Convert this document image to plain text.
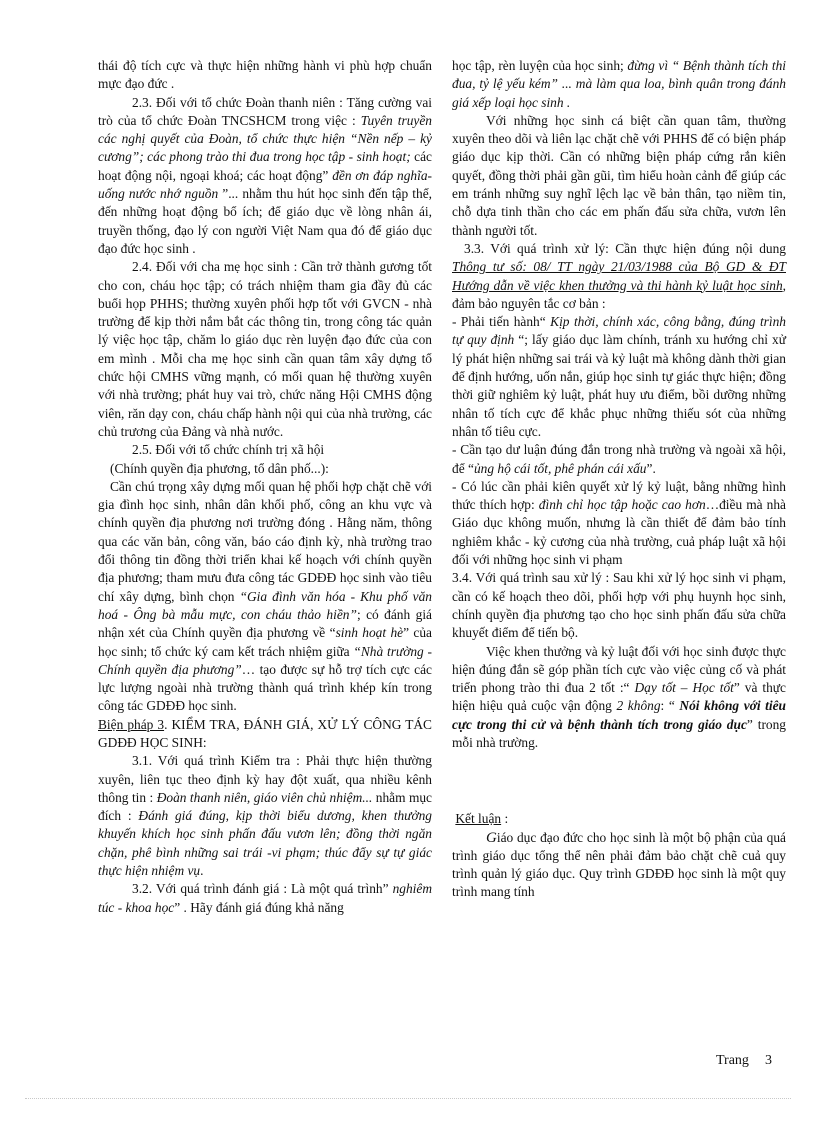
thái độ tích cực và thực hiện những hành vi phù hợp chuẩn mực đạo đức .

2.3. Đối với tổ chức Đoàn thanh niên : Tăng cường vai trò của tổ chức Đoàn TNCSHCM trong việc : Tuyên truyền các nghị quyết của Đoàn, tổ chức thực hiện “Nền nếp – kỷ cương”; các phong trào thi đua trong học tập - sinh hoạt; các hoạt động nội, ngoại khoá; các hoạt động” đền ơn đáp nghĩa- uống nước nhớ nguồn ”... nhằm thu hút học sinh đến tập thể, đến những hoạt động bổ ích; để giáo dục về lòng nhân ái, truyền thống, đạo lý con người Việt Nam qua đó để giáo dục đạo đức học sinh .

2.4. Đối với cha mẹ học sinh : Cần trở thành gương tốt cho con, cháu học tập; có trách nhiệm tham gia đầy đủ các buổi họp PHHS; thường xuyên phối hợp tốt với GVCN - nhà trường để kịp thời nắm bắt các thông tin, trong công tác quản lý việc học tập, chăm lo giáo dục rèn luyện đạo đức của con em mình . Mỗi cha mẹ học sinh cần quan tâm xây dựng tổ chức hội CMHS vững mạnh, có mối quan hệ thường xuyên với nhà trường; phát huy vai trò, chức năng Hội CMHS động viên, răn dạy con, cháu chấp hành nội qui của nhà trường, các chủ trương của Đảng và nhà nước.

2.5. Đối với tổ chức chính trị xã hội

(Chính quyền địa phương, tổ dân phố...):

Cần chú trọng xây dựng mối quan hệ phối hợp chặt chẽ với gia đình học sinh, nhân dân khối phố, công an khu vực và chính quyền địa phương nơi trường đóng . Hằng năm, thông qua các văn bản, công văn, báo cáo định kỳ, nhà trường trao đổi thông tin đồng thời triển khai kế hoạch với chính quyền địa phương; tham mưu đưa công tác GDĐĐ học sinh vào tiêu chí xây dựng, bình chọn “Gia đình văn hóa - Khu phố văn hoá - Ông bà mẫu mực, con cháu thảo hiền”; có đánh giá nhận xét của Chính quyền địa phương về “sinh hoạt hè” của học sinh; tổ chức ký cam kết trách nhiệm giữa “Nhà trường - Chính quyền địa phương”… tạo được sự hỗ trợ tích cực các lực lượng ngoài nhà trường thành quá trình khép kín trong công tác GDĐĐ học sinh.

Biện pháp 3. KIỂM TRA, ĐÁNH GIÁ, XỬ LÝ CÔNG TÁC GDĐĐ HỌC SINH:

3.1. Với quá trình Kiểm tra : Phải thực hiện thường xuyên, liên tục theo định kỳ hay đột xuất, qua nhiều kênh thông tin : Đoàn thanh niên, giáo viên chủ nhiệm... nhằm mục đích : Đánh giá đúng, kịp thời biểu dương, khen thưởng khuyến khích học sinh phấn đấu vươn lên; đồng thời ngăn chặn, phê bình những sai trái -vi phạm; thúc đẩy sự tự giác thực hiện nhiệm vụ.

3.2. Với quá trình đánh giá : Là một quá trình” nghiêm túc - khoa học” . Hãy đánh giá đúng khả năng

học tập, rèn luyện của học sinh; đừng vì “ Bệnh thành tích thi đua, tỷ lệ yếu kém” ... mà làm qua loa, bình quân trong đánh giá xếp loại học sinh .

Với những học sinh cá biệt cần quan tâm, thường xuyên theo dõi và liên lạc chặt chẽ với PHHS để có biện pháp giáo dục kịp thời. Cần có những biện pháp cứng rắn kiên quyết, đồng thời phải gần gũi, tìm hiểu hoàn cảnh để giúp các em tránh những suy nghĩ lệch lạc về bản thân, tạo niềm tin, chỗ dựa tinh thần cho các em phấn đấu sửa chữa, vươn lên thành người tốt.

3.3. Với quá trình xử lý: Cần thực hiện đúng nội dung Thông tư số: 08/ TT ngày 21/03/1988 của Bộ GD & ĐT Hướng dẫn về việc khen thưởng và thi hành kỷ luật học sinh, đảm bảo nguyên tắc cơ bản :

- Phải tiến hành“ Kịp thời, chính xác, công bằng, đúng trình tự quy định “; lấy giáo dục làm chính, tránh xu hướng chỉ xử lý phát hiện những sai trái và kỷ luật mà không dành thời gian để định hướng, uốn nắn, giúp học sinh tự giác thực hiện; đồng thời giữ nghiêm kỷ luật, phát huy ưu điểm, bồi dưỡng những nhân tố tích cực để khắc phục những thiếu sót của những nhân tố tiêu cực.

- Cần tạo dư luận đúng đắn trong nhà trường và ngoài xã hội, để “ủng hộ cái tốt, phê phán cái xấu”.

- Có lúc cần phải kiên quyết xử lý kỷ luật, bằng những hình thức thích hợp: đình chỉ học tập hoặc cao hơn…điều mà nhà Giáo dục không muốn, nhưng là cần thiết để đảm bảo tính nghiêm khắc - kỷ cương của nhà trường, cuả pháp luật xã hội đối với những học sinh vi phạm

3.4. Với quá trình sau xử lý : Sau khi xử lý học sinh vi phạm, cần có kế hoạch theo dõi, phối hợp với phụ huynh học sinh, chính quyền địa phương tạo cho học sinh phấn đấu sửa chữa khuyết điểm để tiến bộ.

Việc khen thưởng và kỷ luật đối với học sinh được thực hiện đúng đắn sẽ góp phần tích cực vào việc củng cố và phát triển phong trào thi đua 2 tốt :“ Dạy tốt – Học tốt” và thực hiện hiệu quả cuộc vận động 2 không: “ Nói không với tiêu cực trong thi cử và bệnh thành tích trong giáo dục” trong mỗi nhà trường.

Kết luận :

Giáo dục đạo đức cho học sinh là một bộ phận của quá trình giáo dục tổng thể nên phải đảm bảo chặt chẽ cuả quy trình quản lý giáo dục. Quy trình GDĐĐ học sinh là một quy trình mang tính

Trang 3
